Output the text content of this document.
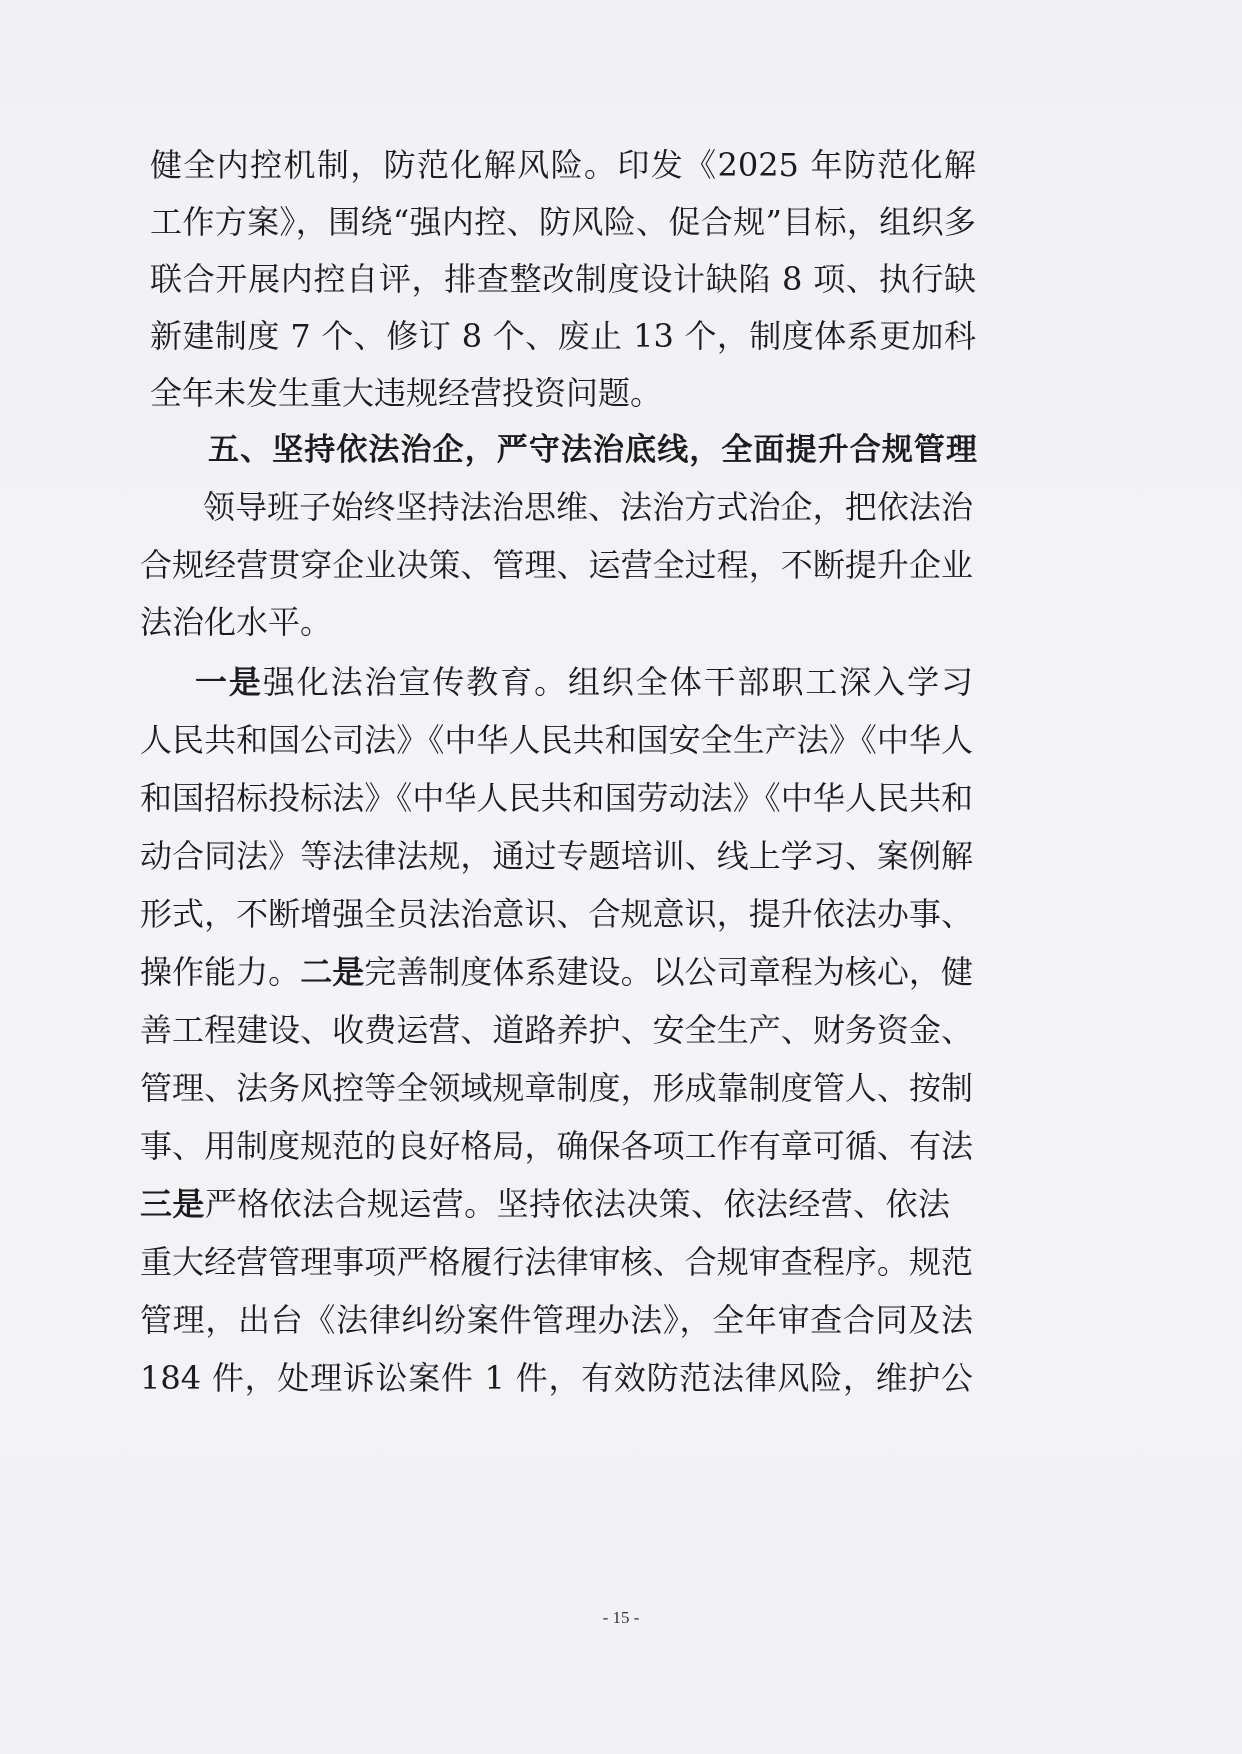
健全内控机制，防范化解风险。印发《2025 年防范化解
工作方案》，围绕“强内控、防风险、促合规”目标，组织多
联合开展内控自评，排查整改制度设计缺陷 8 项、执行缺
新建制度 7 个、修订 8 个、废止 13 个，制度体系更加科
全年未发生重大违规经营投资问题。
五、坚持依法治企，严守法治底线，全面提升合规管理
领导班子始终坚持法治思维、法治方式治企，把依法治
合规经营贯穿企业决策、管理、运营全过程，不断提升企业
法治化水平。
一是强化法治宣传教育。组织全体干部职工深入学习
人民共和国公司法》《中华人民共和国安全生产法》《中华人
和国招标投标法》《中华人民共和国劳动法》《中华人民共和
动合同法》等法律法规，通过专题培训、线上学习、案例解
形式，不断增强全员法治意识、合规意识，提升依法办事、
操作能力。二是完善制度体系建设。以公司章程为核心，健
善工程建设、收费运营、道路养护、安全生产、财务资金、
管理、法务风控等全领域规章制度，形成靠制度管人、按制
事、用制度规范的良好格局，确保各项工作有章可循、有法
三是严格依法合规运营。坚持依法决策、依法经营、依法
重大经营管理事项严格履行法律审核、合规审查程序。规范
管理，出台《法律纠纷案件管理办法》，全年审查合同及法
184 件，处理诉讼案件 1 件，有效防范法律风险，维护公
- 15 -
